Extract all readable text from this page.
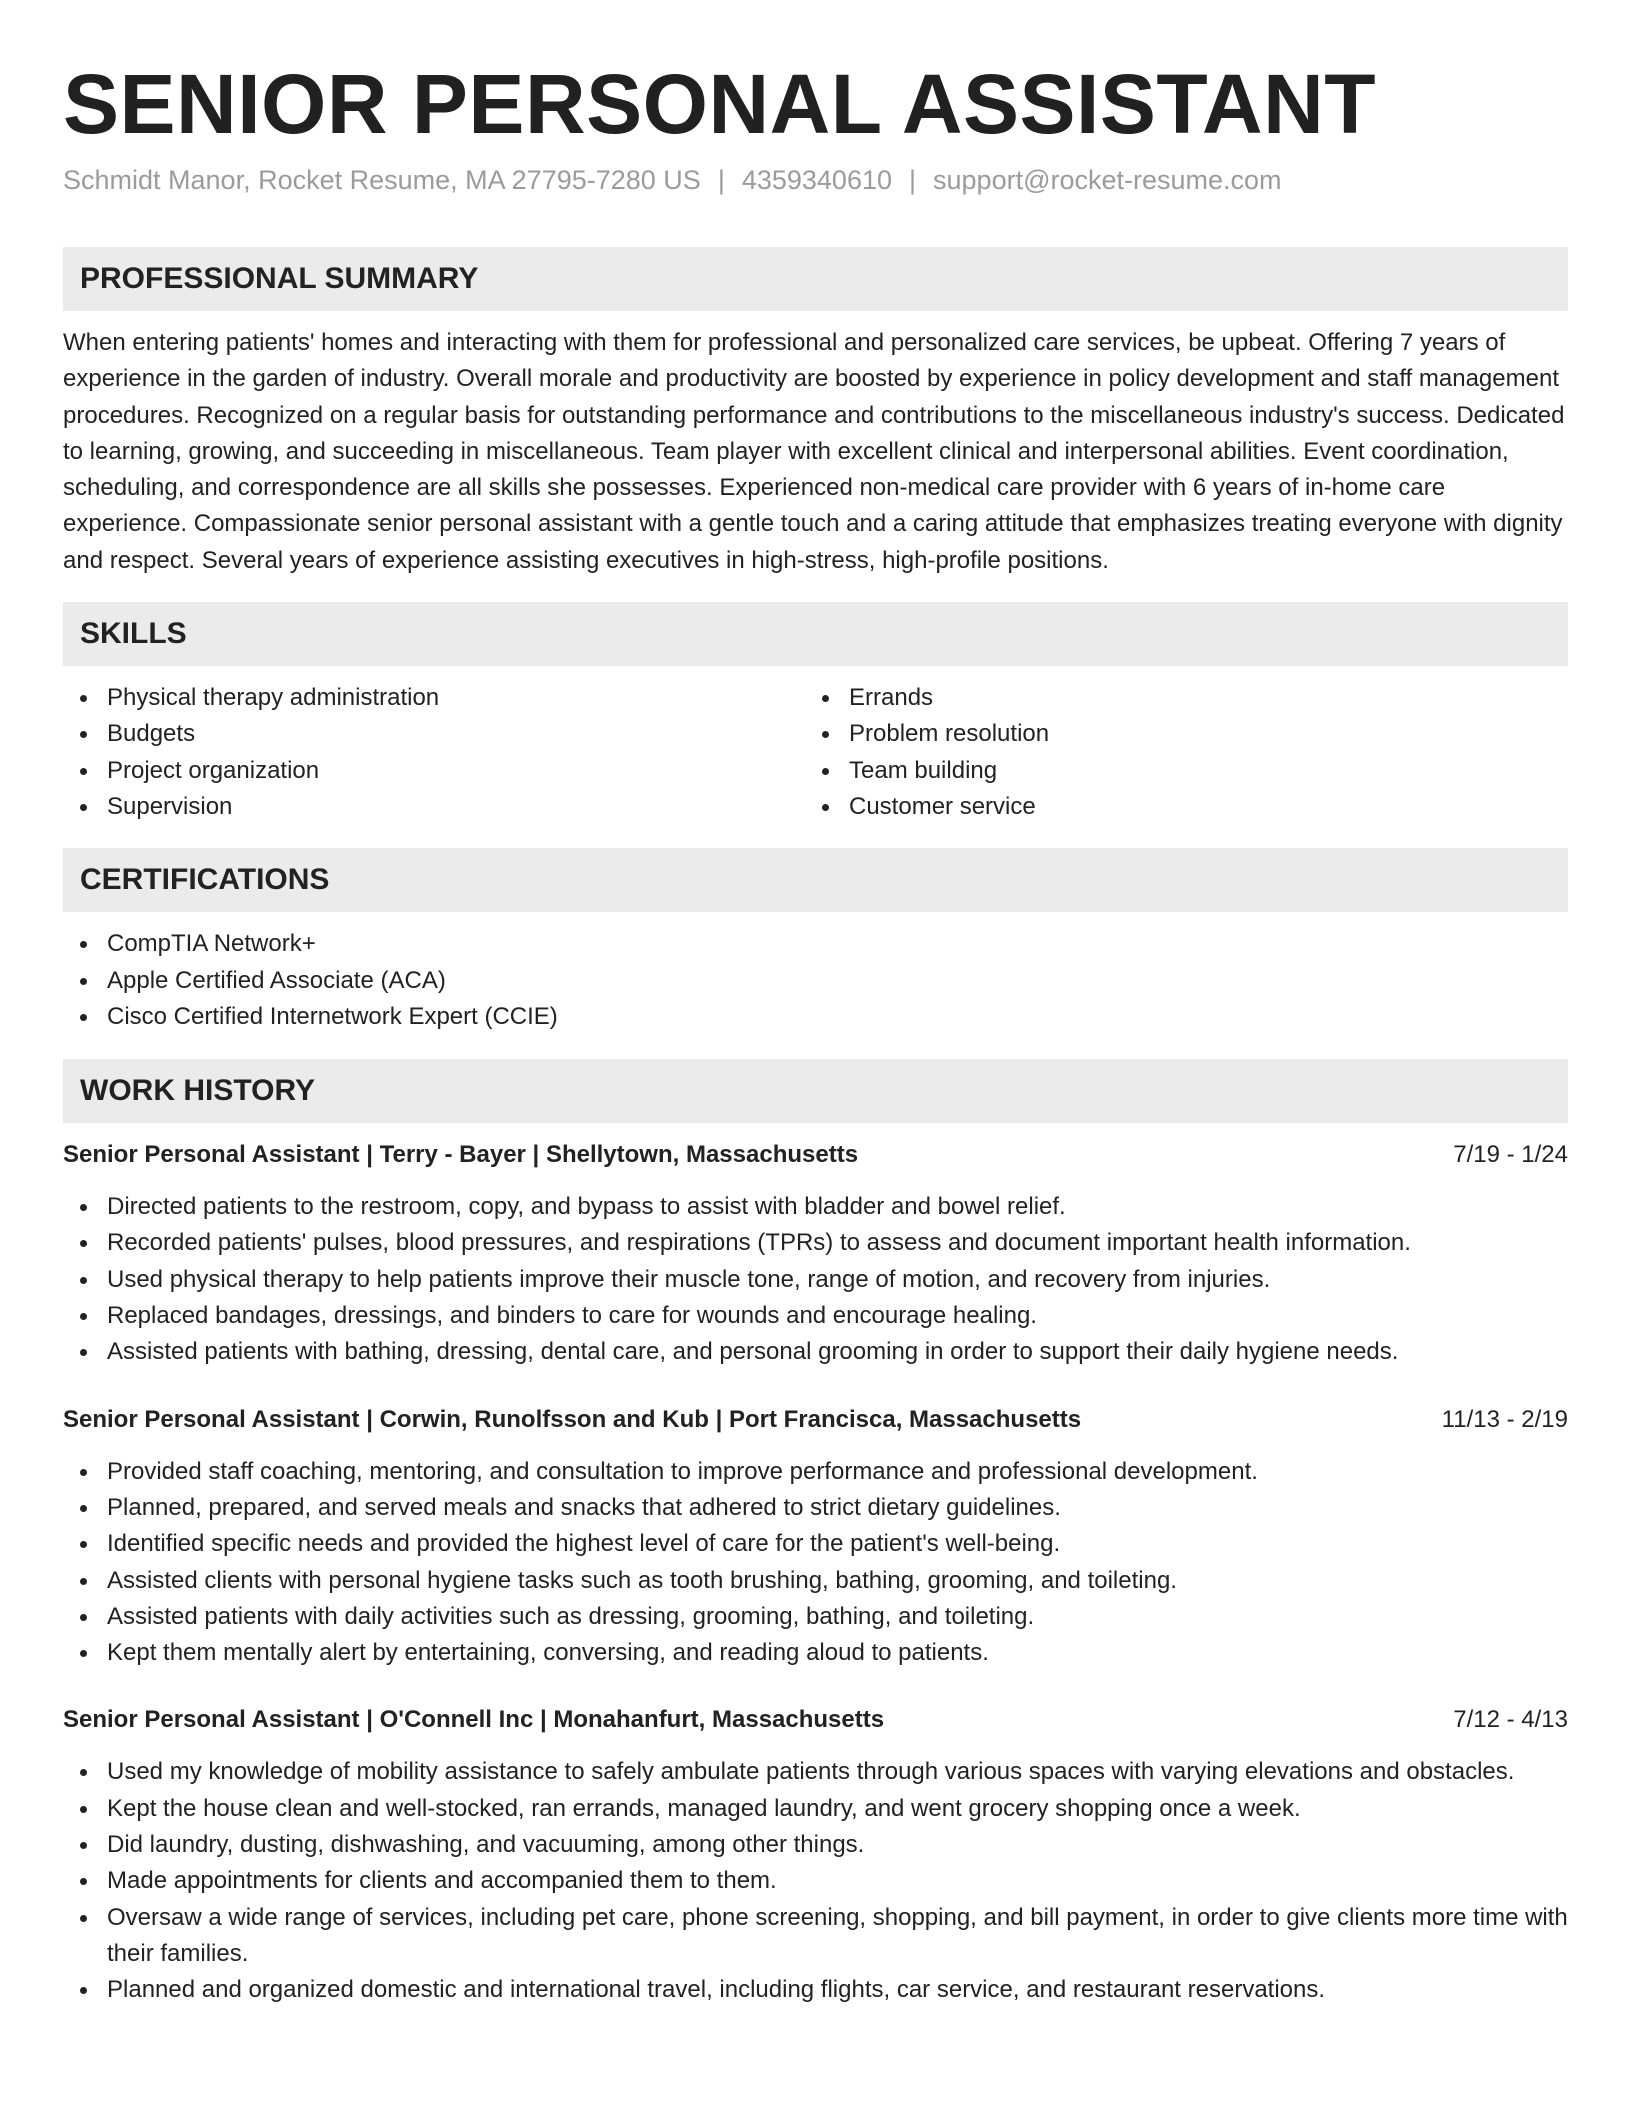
SENIOR PERSONAL ASSISTANT
Schmidt Manor, Rocket Resume, MA 27795-7280 US | 4359340610 | support@rocket-resume.com
PROFESSIONAL SUMMARY

When entering patients' homes and interacting with them for professional and personalized care services, be upbeat. Offering 7 years of experience in the garden of industry. Overall morale and productivity are boosted by experience in policy development and staff management procedures. Recognized on a regular basis for outstanding performance and contributions to the miscellaneous industry's success. Dedicated to learning, growing, and succeeding in miscellaneous. Team player with excellent clinical and interpersonal abilities. Event coordination, scheduling, and correspondence are all skills she possesses. Experienced non-medical care provider with 6 years of in-home care experience. Compassionate senior personal assistant with a gentle touch and a caring attitude that emphasizes treating everyone with dignity and respect. Several years of experience assisting executives in high-stress, high-profile positions.

SKILLS
Physical therapy administration
Budgets
Project organization
Supervision
Errands
Problem resolution
Team building
Customer service
CERTIFICATIONS
CompTIA Network+
Apple Certified Associate (ACA)
Cisco Certified Internetwork Expert (CCIE)
WORK HISTORY
Senior Personal Assistant | Terry - Bayer | Shellytown, Massachusetts	7/19 - 1/24
Directed patients to the restroom, copy, and bypass to assist with bladder and bowel relief.
Recorded patients' pulses, blood pressures, and respirations (TPRs) to assess and document important health information.
Used physical therapy to help patients improve their muscle tone, range of motion, and recovery from injuries.
Replaced bandages, dressings, and binders to care for wounds and encourage healing.
Assisted patients with bathing, dressing, dental care, and personal grooming in order to support their daily hygiene needs.
Senior Personal Assistant | Corwin, Runolfsson and Kub | Port Francisca, Massachusetts	11/13 - 2/19
Provided staff coaching, mentoring, and consultation to improve performance and professional development.
Planned, prepared, and served meals and snacks that adhered to strict dietary guidelines.
Identified specific needs and provided the highest level of care for the patient's well-being.
Assisted clients with personal hygiene tasks such as tooth brushing, bathing, grooming, and toileting.
Assisted patients with daily activities such as dressing, grooming, bathing, and toileting.
Kept them mentally alert by entertaining, conversing, and reading aloud to patients.
Senior Personal Assistant | O'Connell Inc | Monahanfurt, Massachusetts	7/12 - 4/13
Used my knowledge of mobility assistance to safely ambulate patients through various spaces with varying elevations and obstacles.
Kept the house clean and well-stocked, ran errands, managed laundry, and went grocery shopping once a week.
Did laundry, dusting, dishwashing, and vacuuming, among other things.
Made appointments for clients and accompanied them to them.
Oversaw a wide range of services, including pet care, phone screening, shopping, and bill payment, in order to give clients more time with their families.
Planned and organized domestic and international travel, including flights, car service, and restaurant reservations.
